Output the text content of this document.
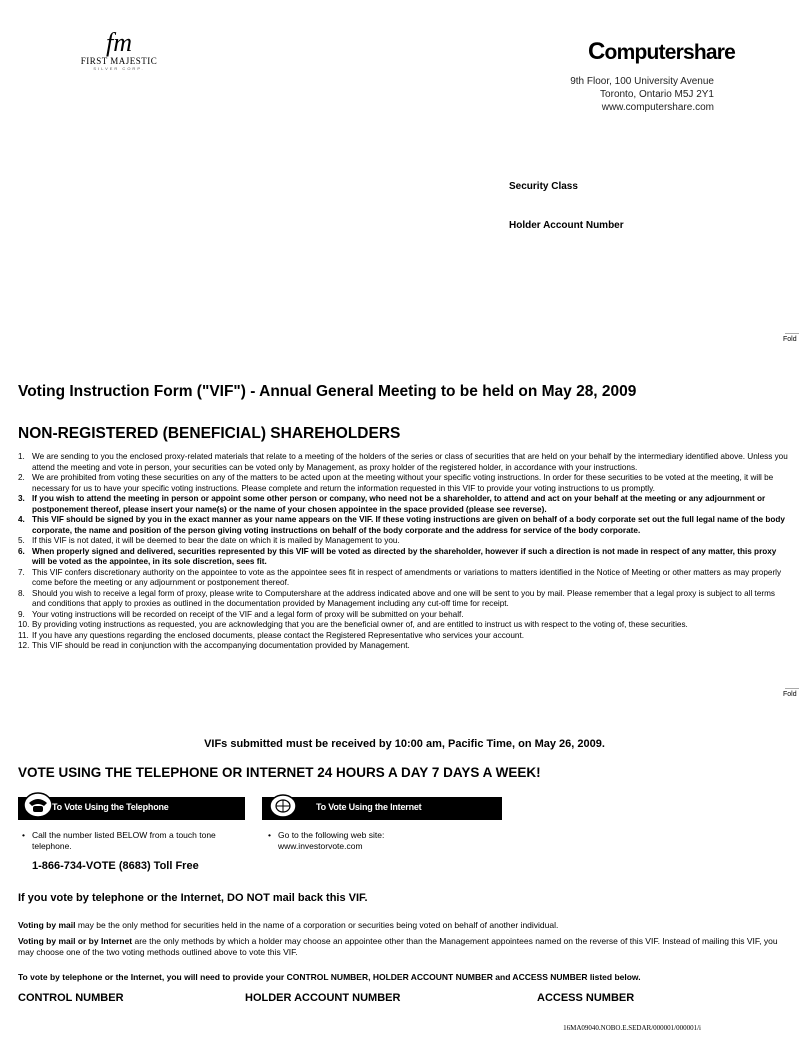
fm
FIRST MAJESTIC
SILVER CORP.
Computershare
9th Floor, 100 University Avenue
Toronto, Ontario M5J 2Y1
www.computershare.com
Security Class
Holder Account Number
Fold
Fold
Voting Instruction Form ("VIF") - Annual General Meeting to be held on May 28, 2009
NON-REGISTERED (BENEFICIAL) SHAREHOLDERS
1. We are sending to you the enclosed proxy-related materials that relate to a meeting of the holders of the series or class of securities that are held on your behalf by the intermediary identified above. Unless you attend the meeting and vote in person, your securities can be voted only by Management, as proxy holder of the registered holder, in accordance with your instructions.
2. We are prohibited from voting these securities on any of the matters to be acted upon at the meeting without your specific voting instructions. In order for these securities to be voted at the meeting, it will be necessary for us to have your specific voting instructions. Please complete and return the information requested in this VIF to provide your voting instructions to us promptly.
3. If you wish to attend the meeting in person or appoint some other person or company, who need not be a shareholder, to attend and act on your behalf at the meeting or any adjournment or postponement thereof, please insert your name(s) or the name of your chosen appointee in the space provided (please see reverse).
4. This VIF should be signed by you in the exact manner as your name appears on the VIF. If these voting instructions are given on behalf of a body corporate set out the full legal name of the body corporate, the name and position of the person giving voting instructions on behalf of the body corporate and the address for service of the body corporate.
5. If this VIF is not dated, it will be deemed to bear the date on which it is mailed by Management to you.
6. When properly signed and delivered, securities represented by this VIF will be voted as directed by the shareholder, however if such a direction is not made in respect of any matter, this proxy will be voted as the appointee, in its sole discretion, sees fit.
7. This VIF confers discretionary authority on the appointee to vote as the appointee sees fit in respect of amendments or variations to matters identified in the Notice of Meeting or other matters as may properly come before the meeting or any adjournment or postponement thereof.
8. Should you wish to receive a legal form of proxy, please write to Computershare at the address indicated above and one will be sent to you by mail. Please remember that a legal proxy is subject to all terms and conditions that apply to proxies as outlined in the documentation provided by Management including any cut-off time for receipt.
9. Your voting instructions will be recorded on receipt of the VIF and a legal form of proxy will be submitted on your behalf.
10. By providing voting instructions as requested, you are acknowledging that you are the beneficial owner of, and are entitled to instruct us with respect to the voting of, these securities.
11. If you have any questions regarding the enclosed documents, please contact the Registered Representative who services your account.
12. This VIF should be read in conjunction with the accompanying documentation provided by Management.
VIFs submitted must be received by 10:00 am, Pacific Time, on May 26, 2009.
VOTE USING THE TELEPHONE OR INTERNET 24 HOURS A DAY 7 DAYS A WEEK!
To Vote Using the Telephone	To Vote Using the Internet
• Call the number listed BELOW from a touch tone telephone.
• Go to the following web site:
www.investorvote.com
1-866-734-VOTE (8683) Toll Free
If you vote by telephone or the Internet, DO NOT mail back this VIF.
Voting by mail may be the only method for securities held in the name of a corporation or securities being voted on behalf of another individual.
Voting by mail or by Internet are the only methods by which a holder may choose an appointee other than the Management appointees named on the reverse of this VIF. Instead of mailing this VIF, you may choose one of the two voting methods outlined above to vote this VIF.
To vote by telephone or the Internet, you will need to provide your CONTROL NUMBER, HOLDER ACCOUNT NUMBER and ACCESS NUMBER listed below.
CONTROL NUMBER	HOLDER ACCOUNT NUMBER	ACCESS NUMBER
16MA09040.NOBO.E.SEDAR/000001/000001/i
